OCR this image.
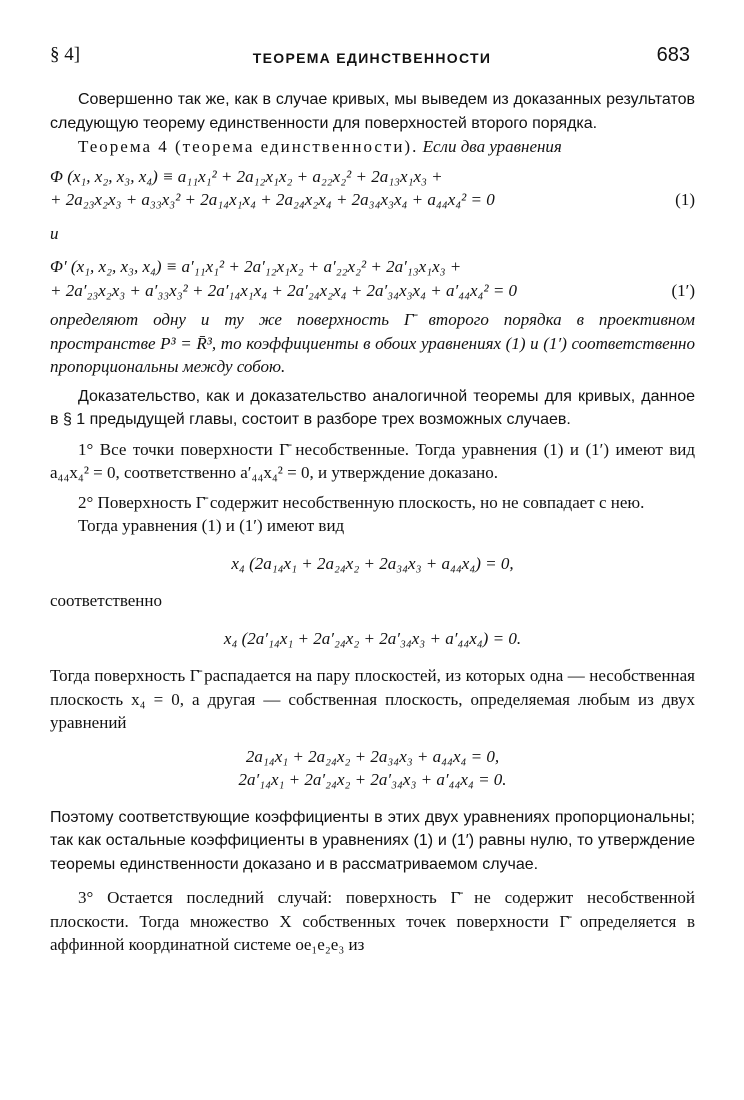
§ 4]	ТЕОРЕМА ЕДИНСТВЕННОСТИ	683

Совершенно так же, как в случае кривых, мы выведем из доказанных результатов следующую теорему единственности для поверхностей второго порядка.

Теорема 4 (теорема единственности). Если два уравнения

Φ (x₁, x₂, x₃, x₄) ≡ a₁₁x₁² + 2a₁₂x₁x₂ + a₂₂x₂² + 2a₁₃x₁x₃ +
+ 2a₂₃x₂x₃ + a₃₃x₃² + 2a₁₄x₁x₄ + 2a₂₄x₂x₄ + 2a₃₄x₃x₄ + a₄₄x₄² = 0	(1)

и

Φ′ (x₁, x₂, x₃, x₄) ≡ a′₁₁x₁² + 2a′₁₂x₁x₂ + a′₂₂x₂² + 2a′₁₃x₁x₃ +
+ 2a′₂₃x₂x₃ + a′₃₃x₃² + 2a′₁₄x₁x₄ + 2a′₂₄x₂x₄ + 2a′₃₄x₃x₄ + a′₄₄x₄² = 0	(1′)

определяют одну и ту же поверхность Γ̄ второго порядка в проективном пространстве P³ = R̄³, то коэффициенты в обоих уравнениях (1) и (1′) соответственно пропорциональны между собою.

Доказательство, как и доказательство аналогичной теоремы для кривых, данное в § 1 предыдущей главы, состоит в разборе трех возможных случаев.

1° Все точки поверхности Γ̄ несобственные. Тогда уравнения (1) и (1′) имеют вид a₄₄x₄² = 0, соответственно a′₄₄x₄² = 0, и утверждение доказано.

2° Поверхность Γ̄ содержит несобственную плоскость, но не совпадает с нею.

Тогда уравнения (1) и (1′) имеют вид

x₄ (2a₁₄x₁ + 2a₂₄x₂ + 2a₃₄x₃ + a₄₄x₄) = 0,

соответственно

x₄ (2a′₁₄x₁ + 2a′₂₄x₂ + 2a′₃₄x₃ + a′₄₄x₄) = 0.

Тогда поверхность Γ̄ распадается на пару плоскостей, из которых одна — несобственная плоскость x₄ = 0, а другая — собственная плоскость, определяемая любым из двух уравнений

2a₁₄x₁ + 2a₂₄x₂ + 2a₃₄x₃ + a₄₄x₄ = 0,
2a′₁₄x₁ + 2a′₂₄x₂ + 2a′₃₄x₃ + a′₄₄x₄ = 0.

Поэтому соответствующие коэффициенты в этих двух уравнениях пропорциональны; так как остальные коэффициенты в уравнениях (1) и (1′) равны нулю, то утверждение теоремы единственности доказано и в рассматриваемом случае.

3° Остается последний случай: поверхность Γ̄ не содержит несобственной плоскости. Тогда множество X собственных точек поверхности Γ̄ определяется в аффинной координатной системе oe₁e₂e₃ из
